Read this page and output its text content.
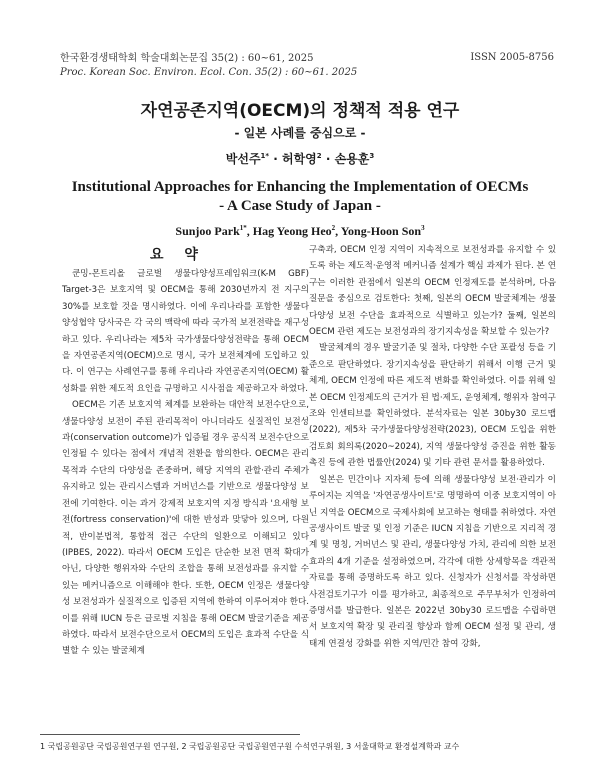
한국환경생태학회 학술대회논문집 35(2) : 60~61, 2025
Proc. Korean Soc. Environ. Ecol. Con. 35(2) : 60~61. 2025
ISSN 2005-8756
자연공존지역(OECM)의 정책적 적용 연구
- 일본 사례를 중심으로 -
박선주$^{1*}$ · 허학영$^2$ · 손용훈$^3$
Institutional Approaches for Enhancing the Implementation of OECMs
- A Case Study of Japan -
Sunjoo Park$^{1*}$, Hag Yeong Heo$^2$, Yong-Hoon Son$^3$
요 약

쿤밍-몬트리올 글로벌 생물다양성프레임워크(K-M GBF) Target-3은 보호지역 및 OECM을 통해 2030년까지 전 지구의 30%를 보호할 것을 명시하였다. 이에 우리나라를 포함한 생물다양성협약 당사국은 각 국의 맥락에 따라 국가적 보전전략을 재구성하고 있다. 우리나라는 제5차 국가생물다양성전략을 통해 OECM을 자연공존지역(OECM)으로 명시, 국가 보전체계에 도입하고 있다. 이 연구는 사례연구를 통해 우리나라 자연공존지역(OECM) 활성화를 위한 제도적 요인을 규명하고 시사점을 제공하고자 하였다.

OECM은 기존 보호지역 체계를 보완하는 대안적 보전수단으로, 생물다양성 보전이 주된 관리목적이 아니더라도 실질적인 보전성과(conservation outcome)가 입증될 경우 공식적 보전수단으로 인정될 수 있다는 점에서 개념적 전환을 함의한다. OECM은 관리목적과 수단의 다양성을 존중하며, 해당 지역의 관할·관리 주체가 유지하고 있는 관리시스템과 거버넌스를 기반으로 생물다양성 보전에 기여한다. 이는 과거 강제적 보호지역 지정 방식과 '요새형 보전(fortress conservation)'에 대한 반성과 맞닿아 있으며, 다원적, 반이분법적, 통합적 접근 수단의 일환으로 이해되고 있다(IPBES, 2022). 따라서 OECM 도입은 단순한 보전 면적 확대가 아닌, 다양한 행위자와 수단의 조합을 통해 보전성과를 유지할 수 있는 메커니즘으로 이해해야 한다. 또한, OECM 인정은 생물다양성 보전성과가 실질적으로 입증된 지역에 한하여 이루어져야 한다. 이를 위해 IUCN 등은 글로벌 지침을 통해 OECM 발굴기준을 제공하였다. 따라서 보전수단으로서 OECM의 도입은 효과적 수단을 식별할 수 있는 발굴체계

구축과, OECM 인정 지역이 지속적으로 보전성과를 유지할 수 있도록 하는 제도적·운영적 메커니즘 설계가 핵심 과제가 된다. 본 연구는 이러한 관점에서 일본의 OECM 인정제도를 분석하며, 다음 질문을 중심으로 검토한다: 첫째, 일본의 OECM 발굴체계는 생물다양성 보전 수단을 효과적으로 식별하고 있는가? 둘째, 일본의 OECM 관련 제도는 보전성과의 장기지속성을 확보할 수 있는가?

발굴체계의 경우 발굴기준 및 절차, 다양한 수단 포괄성 등을 기준으로 판단하였다. 장기지속성을 판단하기 위해서 이행 근거 및 체계, OECM 인정에 따른 제도적 변화를 확인하였다. 이를 위해 일본 OECM 인정제도의 근거가 된 법·제도, 운영체계, 행위자 참여구조와 인센티브를 확인하였다. 분석자료는 일본 30by30 로드맵(2022), 제5차 국가생물다양성전략(2023), OECM 도입을 위한 검토회 회의록(2020~2024), 지역 생물다양성 증진을 위한 활동 촉진 등에 관한 법률안(2024) 및 기타 관련 문서를 활용하였다.

일본은 민간이나 지자체 등에 의해 생물다양성 보전·관리가 이루어지는 지역을 '자연공생사이트'로 명명하여 이중 보호지역이 아닌 지역을 OECM으로 국제사회에 보고하는 형태를 취하였다. 자연공생사이트 발굴 및 인정 기준은 IUCN 지침을 기반으로 지리적 경계 및 명칭, 거버넌스 및 관리, 생물다양성 가치, 관리에 의한 보전효과의 4개 기준을 설정하였으며, 각각에 대한 상세항목을 객관적 자료를 통해 증명하도록 하고 있다. 신청자가 신청서를 작성하면 사전검토기구가 이를 평가하고, 최종적으로 주무부처가 인정하여 증명서를 발급한다. 일본은 2022년 30by30 로드맵을 수립하면서 보호지역 확장 및 관리질 향상과 함께 OECM 설정 및 관리, 생태계 연결성 강화를 위한 지역/민간 참여 강화,

1 국립공원공단 국립공원연구원 연구원, 2 국립공원공단 국립공원연구원 수석연구위원, 3 서울대학교 환경설계학과 교수
